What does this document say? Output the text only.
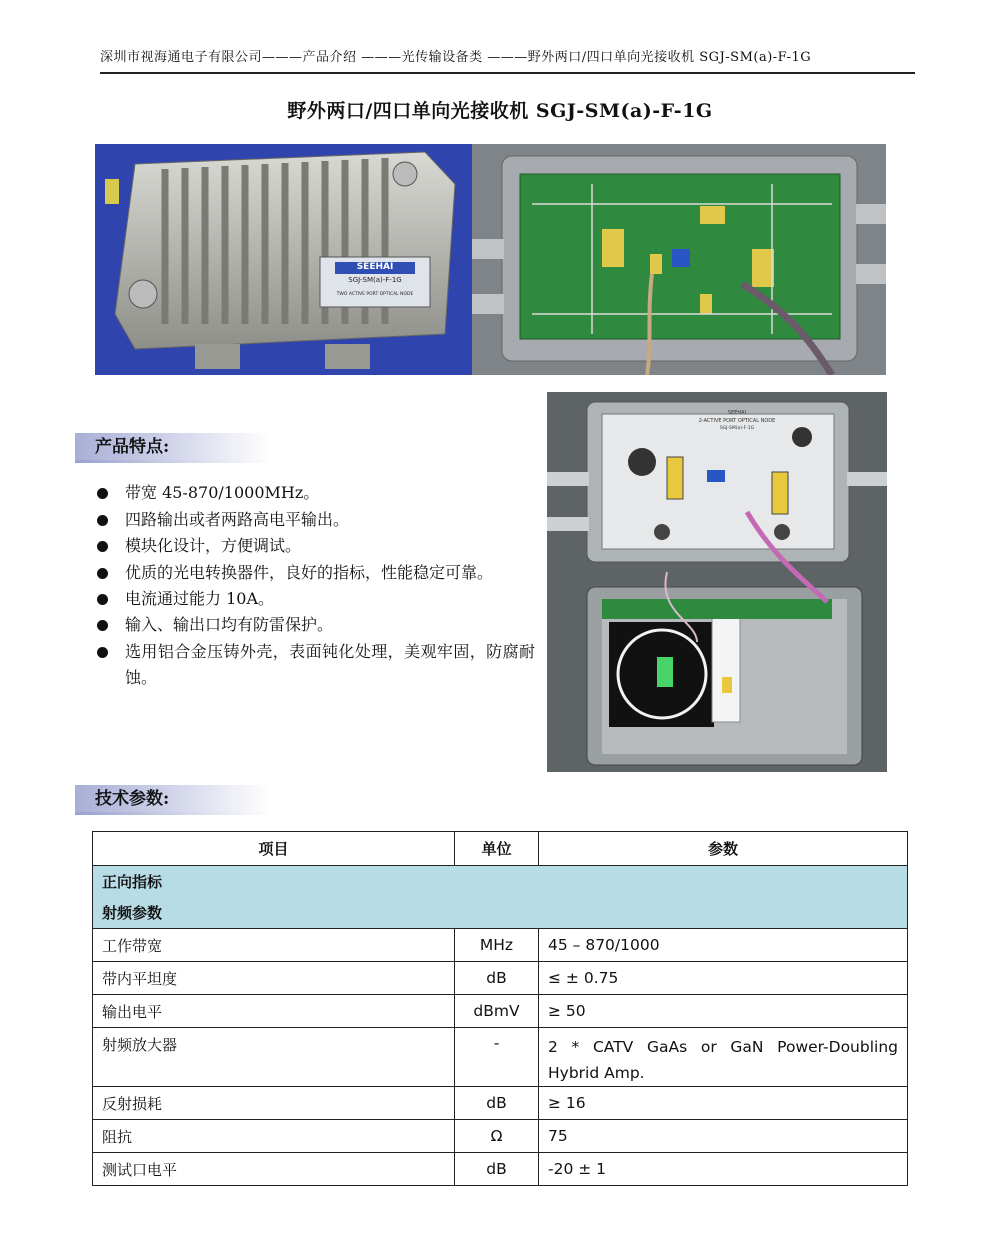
深圳市视海通电子有限公司———产品介绍 ———光传输设备类 ———野外两口/四口单向光接收机 SGJ-SM(a)-F-1G
野外两口/四口单向光接收机 SGJ-SM(a)-F-1G
SEEHAI
SGJ-SM(a)-F-1G
TWO ACTIVE PORT OPTICAL NODE
2-ACTIVE PORT OPTICAL NODE
SEEHAI
SGJ-SM(a)-F-1G
产品特点:
带宽 45-870/1000MHz。
四路输出或者两路高电平输出。
模块化设计，方便调试。
优质的光电转换器件，良好的指标，性能稳定可靠。
电流通过能力 10A。
输入、输出口均有防雷保护。
选用铝合金压铸外壳，表面钝化处理，美观牢固，防腐耐蚀。
技术参数:
项目	单位	参数
正向指标		
射频参数		
工作带宽	MHz	45 – 870/1000
带内平坦度	dB	≤ ± 0.75
输出电平	dBmV	≥ 50
射频放大器	-	2 * CATV GaAs or GaN Power-Doubling Hybrid Amp.
反射损耗	dB	≥ 16
阻抗	Ω	75
测试口电平	dB	-20 ± 1
